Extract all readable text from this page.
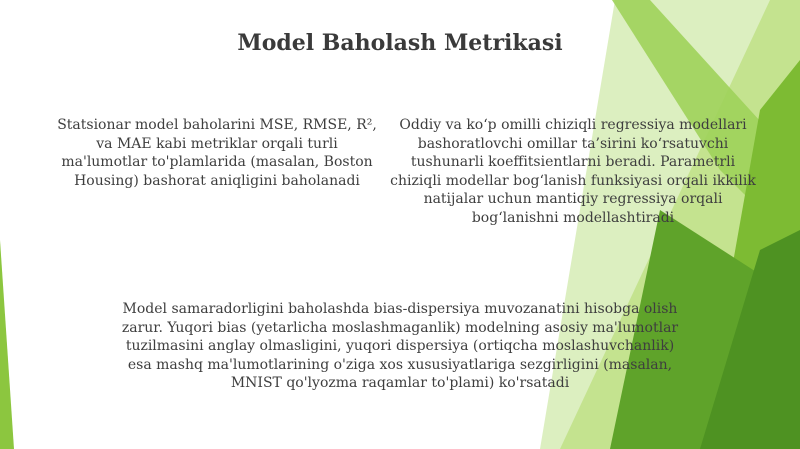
Model Baholash Metrikasi
Statsionar model baholarini MSE, RMSE, R², va MAE kabi metriklar orqali turli ma'lumotlar to'plamlarida (masalan, Boston Housing) bashorat aniqligini baholanadi
Oddiy va ko‘p omilli chiziqli regressiya modellari bashoratlovchi omillar ta’sirini ko‘rsatuvchi tushunarli koeffitsientlarni beradi. Parametrli chiziqli modellar bog‘lanish funksiyasi orqali ikkilik natijalar uchun mantiqiy regressiya orqali bog‘lanishni modellashtiradi
Model samaradorligini baholashda bias-dispersiya muvozanatini hisobga olish zarur. Yuqori bias (yetarlicha moslashmaganlik) modelning asosiy ma'lumotlar tuzilmasini anglay olmasligini, yuqori dispersiya (ortiqcha moslashuvchanlik) esa mashq ma'lumotlarining o'ziga xos xususiyatlariga sezgirligini (masalan, MNIST qo'lyozma raqamlar to'plami) ko'rsatadi
